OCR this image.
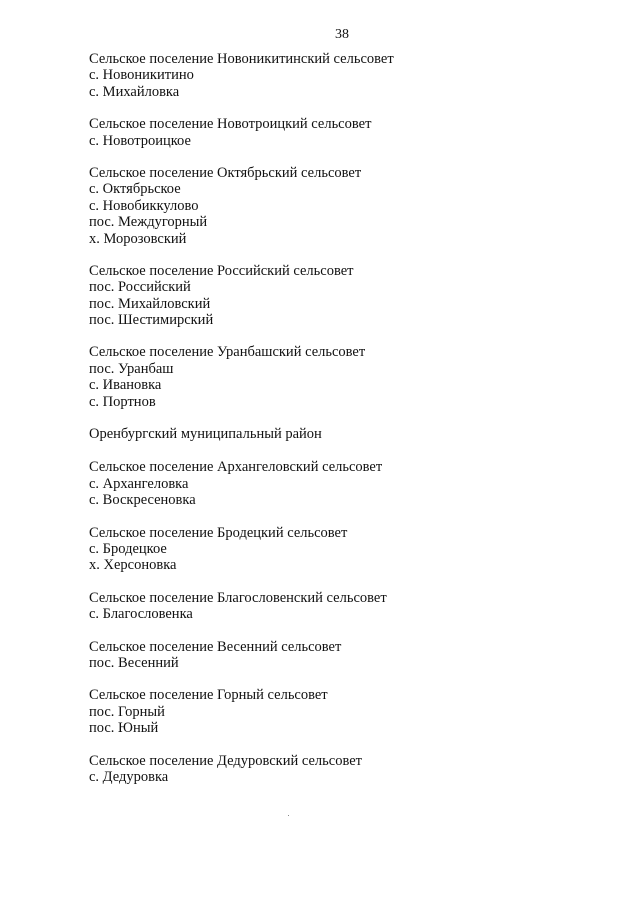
38
Сельское поселение Новоникитинский сельсовет
с. Новоникитино
с. Михайловка
Сельское поселение Новотроицкий сельсовет
с. Новотроицкое
Сельское поселение Октябрьский сельсовет
с. Октябрьское
с. Новобиккулово
пос. Междугорный
х. Морозовский
Сельское поселение Российский сельсовет
пос. Российский
пос. Михайловский
пос. Шестимирский
Сельское поселение Уранбашский сельсовет
пос. Уранбаш
с. Ивановка
с. Портнов
Оренбургский муниципальный район
Сельское поселение Архангеловский сельсовет
с. Архангеловка
с. Воскресеновка
Сельское поселение Бродецкий сельсовет
с. Бродецкое
х. Херсоновка
Сельское поселение Благословенский сельсовет
с. Благословенка
Сельское поселение Весенний сельсовет
пос. Весенний
Сельское поселение Горный сельсовет
пос. Горный
пос. Юный
Сельское поселение Дедуровский сельсовет
с. Дедуровка
